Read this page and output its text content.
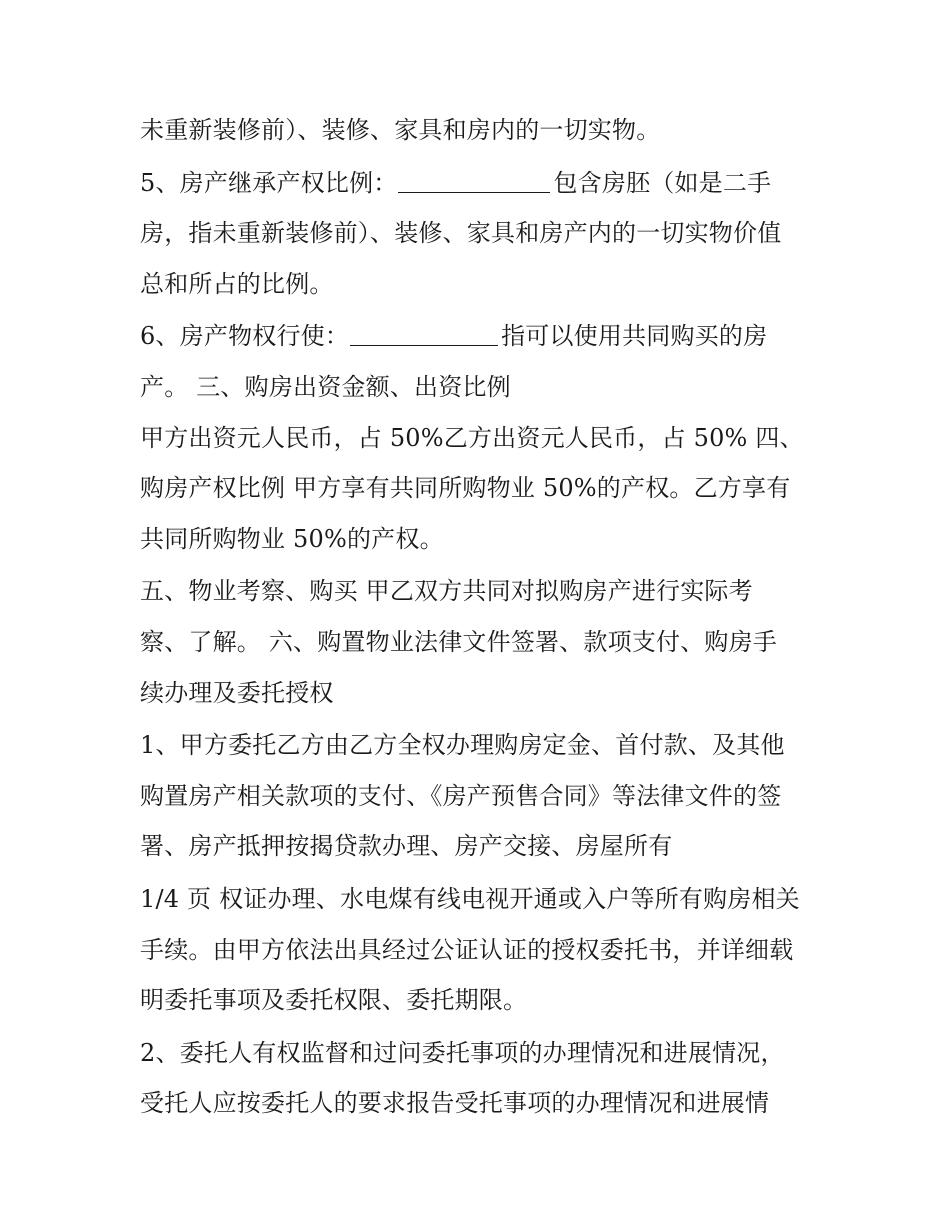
未重新装修前）、装修、家具和房内的一切实物。
5、房产继承产权比例：	包含房胚（如是二手
房，指未重新装修前）、装修、家具和房产内的一切实物价值
总和所占的比例。
6、房产物权行使：	指可以使用共同购买的房
产。 三、购房出资金额、出资比例
甲方出资元人民币，占 50%乙方出资元人民币，占 50% 四、
购房产权比例 甲方享有共同所购物业 50%的产权。乙方享有
共同所购物业 50%的产权。
五、物业考察、购买 甲乙双方共同对拟购房产进行实际考
察、了解。 六、购置物业法律文件签署、款项支付、购房手
续办理及委托授权
1、甲方委托乙方由乙方全权办理购房定金、首付款、及其他
购置房产相关款项的支付、《房产预售合同》等法律文件的签
署、房产抵押按揭贷款办理、房产交接、房屋所有
1/4 页 权证办理、水电煤有线电视开通或入户等所有购房相关
手续。由甲方依法出具经过公证认证的授权委托书，并详细载
明委托事项及委托权限、委托期限。
2、委托人有权监督和过问委托事项的办理情况和进展情况，
受托人应按委托人的要求报告受托事项的办理情况和进展情
